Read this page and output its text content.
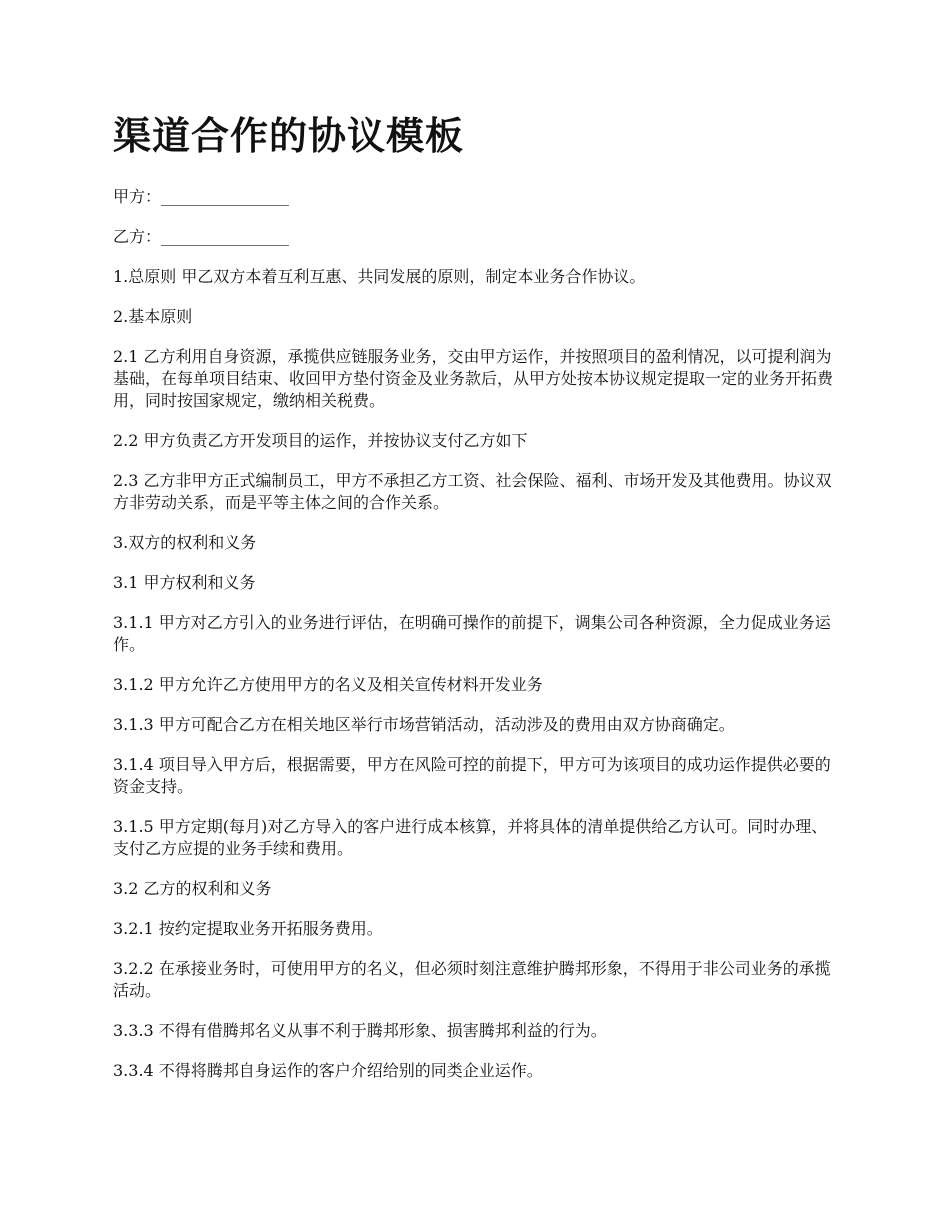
渠道合作的协议模板

甲方：________________

乙方：________________

1.总原则 甲乙双方本着互利互惠、共同发展的原则，制定本业务合作协议。

2.基本原则

2.1 乙方利用自身资源，承揽供应链服务业务，交由甲方运作，并按照项目的盈利情况，以可提利润为基础，在每单项目结束、收回甲方垫付资金及业务款后，从甲方处按本协议规定提取一定的业务开拓费用，同时按国家规定，缴纳相关税费。

2.2 甲方负责乙方开发项目的运作，并按协议支付乙方如下

2.3 乙方非甲方正式编制员工，甲方不承担乙方工资、社会保险、福利、市场开发及其他费用。协议双方非劳动关系，而是平等主体之间的合作关系。

3.双方的权利和义务

3.1 甲方权利和义务

3.1.1 甲方对乙方引入的业务进行评估，在明确可操作的前提下，调集公司各种资源，全力促成业务运作。

3.1.2 甲方允许乙方使用甲方的名义及相关宣传材料开发业务

3.1.3 甲方可配合乙方在相关地区举行市场营销活动，活动涉及的费用由双方协商确定。

3.1.4 项目导入甲方后，根据需要，甲方在风险可控的前提下，甲方可为该项目的成功运作提供必要的资金支持。

3.1.5 甲方定期(每月)对乙方导入的客户进行成本核算，并将具体的清单提供给乙方认可。同时办理、支付乙方应提的业务手续和费用。

3.2 乙方的权利和义务

3.2.1 按约定提取业务开拓服务费用。

3.2.2 在承接业务时，可使用甲方的名义，但必须时刻注意维护腾邦形象，不得用于非公司业务的承揽活动。

3.3.3 不得有借腾邦名义从事不利于腾邦形象、损害腾邦利益的行为。

3.3.4 不得将腾邦自身运作的客户介绍给别的同类企业运作。
